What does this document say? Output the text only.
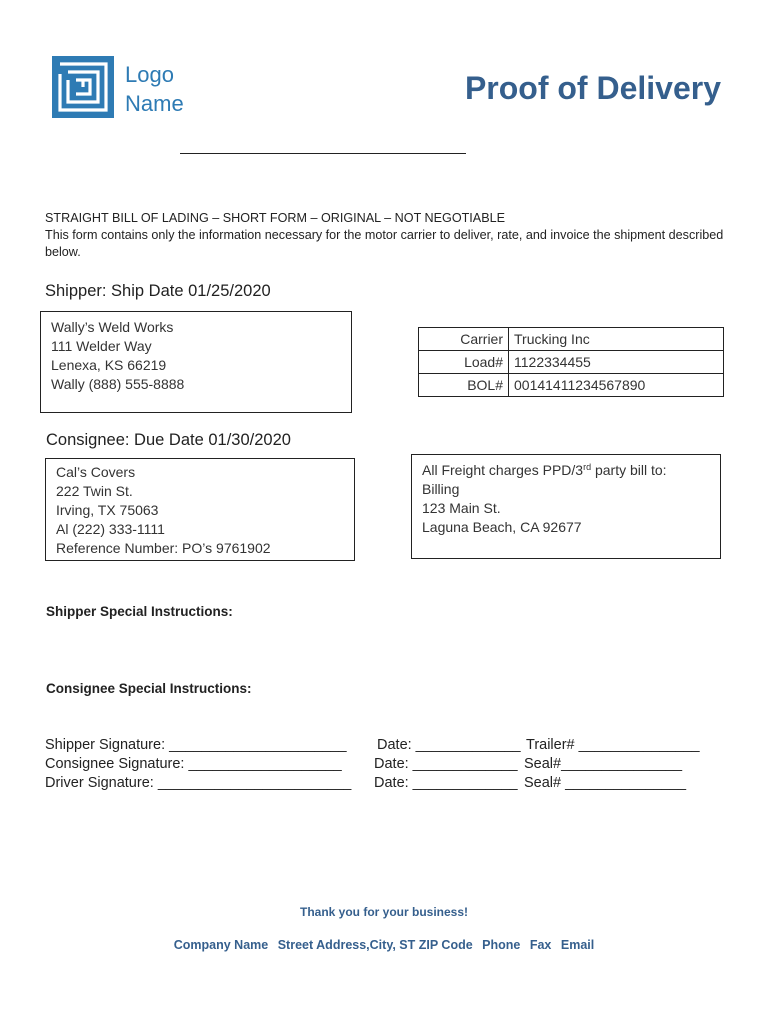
Logo
Name	Proof of Delivery
STRAIGHT BILL OF LADING – SHORT FORM – ORIGINAL – NOT NEGOTIABLE
This form contains only the information necessary for the motor carrier to deliver, rate, and invoice the shipment described below.
Shipper: Ship Date 01/25/2020
Wally’s Weld Works
111 Welder Way
Lenexa, KS 66219
Wally (888) 555-8888
Carrier	Trucking Inc
Load#	1122334455
BOL#	00141411234567890
Consignee: Due Date 01/30/2020
Cal’s Covers
222 Twin St.
Irving, TX 75063
Al (222) 333-1111
Reference Number: PO’s 9761902
All Freight charges PPD/3rd party bill to:
Billing
123 Main St.
Laguna Beach, CA 92677
Shipper Special Instructions:
Consignee Special Instructions:
Shipper Signature: ______________________ Date: _____________ Trailer# _______________
Consignee Signature: ___________________ Date: _____________ Seal#_______________
Driver Signature: ________________________ Date: _____________ Seal# _______________
Thank you for your business!
Company Name Street Address,City, ST ZIP Code Phone Fax Email
